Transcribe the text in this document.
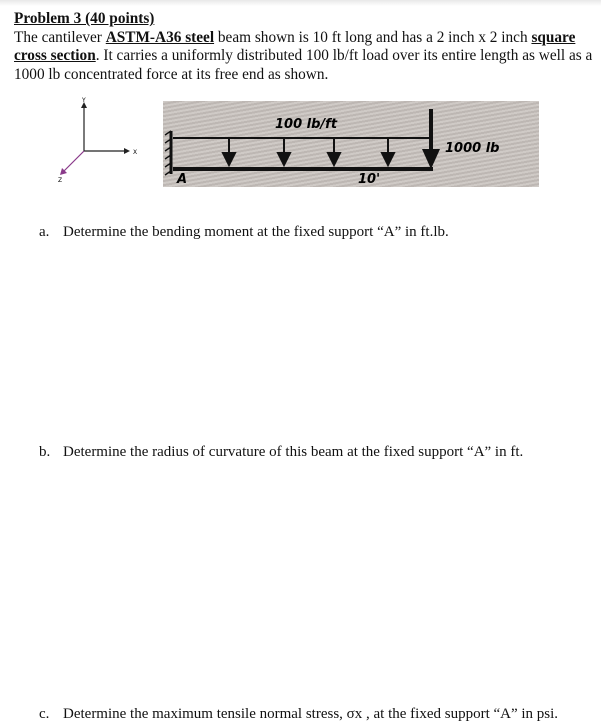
Problem 3 (40 points)
The cantilever ASTM-A36 steel beam shown is 10 ft long and has a 2 inch x 2 inch square cross section. It carries a uniformly distributed 100 lb/ft load over its entire length as well as a 1000 lb concentrated force at its free end as shown.
Y
X
Z
100 lb/ft
1000 lb
A	10'
a. Determine the bending moment at the fixed support “A” in ft.lb.
b. Determine the radius of curvature of this beam at the fixed support “A” in ft.
c. Determine the maximum tensile normal stress, σx , at the fixed support “A” in psi.
